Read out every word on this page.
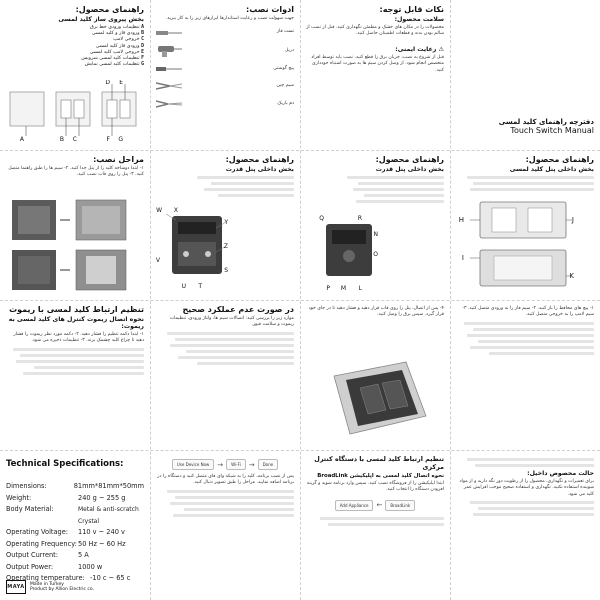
راهنمای محصول:
بخش پیروی ساز کلید لمسی
A تنظیمات ورودی خط برق
B ورودی فاز و کلید لمسی
C خروجی لامپ
D ورودی فاز کلید لمسی
E خروجی لامپ کلید لمسی
F تنظیمات کلید لمسی سرویس
G تنظیمات کلید لمسی نمایش
A	B C
D E
F G
ادوات نصب:
جهت سهولت نصب و رعایت استاندارها ابزارهای زیر را به کار ببرید.
تست فاز
دریل
پیچ گوشتی
سیم چین
دم باریک
نکات قابل توجه:
سلامت محصول:
محصولات را در مکان های خشک و مطمئن نگهداری کنید. قبل از نصب از سالم بودن بدنه و قطعات اطمینان حاصل کنید.
⚠ رعایت ایمنی:
قبل از شروع به نصب، جریان برق را قطع کنید. نصب باید توسط افراد متخصص انجام شود. از وصل کردن سیم ها به صورت اشتباه خودداری کنید.
دفترچه راهنمای کلید لمسی
Touch Switch Manual
مراحل نصب:
۱- ابتدا دوشاخه کلید را از پنل جدا کنید. ۲- سیم ها را طبق راهنما متصل کنید. ۳- پنل را روی قاب نصب کنید.
راهنمای محصول:
بخش داخلی پنل قدرت
W X
Y
Z
U T
S
V
راهنمای محصول:
بخش داخلی پنل قدرت
Q	R
N
O
P M L
راهنمای محصول:
بخش داخلی پنل کلید لمسی
H
I
J
K
تنظیم ارتباط کلید لمسی با ریموت
نحوه اتصال ریموت کنترل های کلید لمسی به ریموت:
۱- ابتدا دکمه تنظیم را فشار دهید. ۲- دکمه مورد نظر ریموت را فشار دهید تا چراغ کلید چشمک بزند. ۳- تنظیمات ذخیره می شود.
در صورت عدم عملکرد صحیح
موارد زیر را بررسی کنید: اتصالات سیم ها، ولتاژ ورودی، تنظیمات ریموت و سلامت فیوز.
۴- پس از اتصال، پنل را روی قاب قرار دهید و فشار دهید تا در جای خود قرار گیرد. سپس برق را وصل کنید.
۱- پیچ های محافظ را باز کنید. ۲- سیم فاز را به ورودی متصل کنید. ۳- سیم لامپ را به خروجی متصل کنید.
Technical Specifications:
Dimensions:	81mm*81mm*50mm
Weight:	240 g ~ 255 g
Body Material:	Metal & anti-scratch Crystal
Operating Voltage:	110 v ~ 240 v
Operating Frequency: 50 Hz ~ 60 Hz
Output Current:	5 A
Output Power:	1000 w
Operating temperature: -10 c ~ 65 c
MAYA Made in Turkey
Product by Allion Electric co.
Use Device Now	→	Wi-Fi	→	Done
پس از نصب برنامه، کلید را به شبکه وای فای متصل کنید و دستگاه را در برنامه اضافه نمایید. مراحل را طبق تصویر دنبال کنید.
تنظیم ارتباط کلید لمسی با دستگاه کنترل مرکزی
نحوه اتصال کلید لمسی به اپلیکیشن BroadLink
ابتدا اپلیکیشن را از فروشگاه نصب کنید. سپس وارد برنامه شوید و گزینه افزودن دستگاه را انتخاب کنید.
Add Appliance	←	BroadLink
حالت محصوص داخیل:
برای تعمیرات و نگهداری، محصول را از رطوبت دور نگه دارید و از مواد شوینده استفاده نکنید. نگهداری و استفاده صحیح موجب افزایش عمر کلید می شود.
